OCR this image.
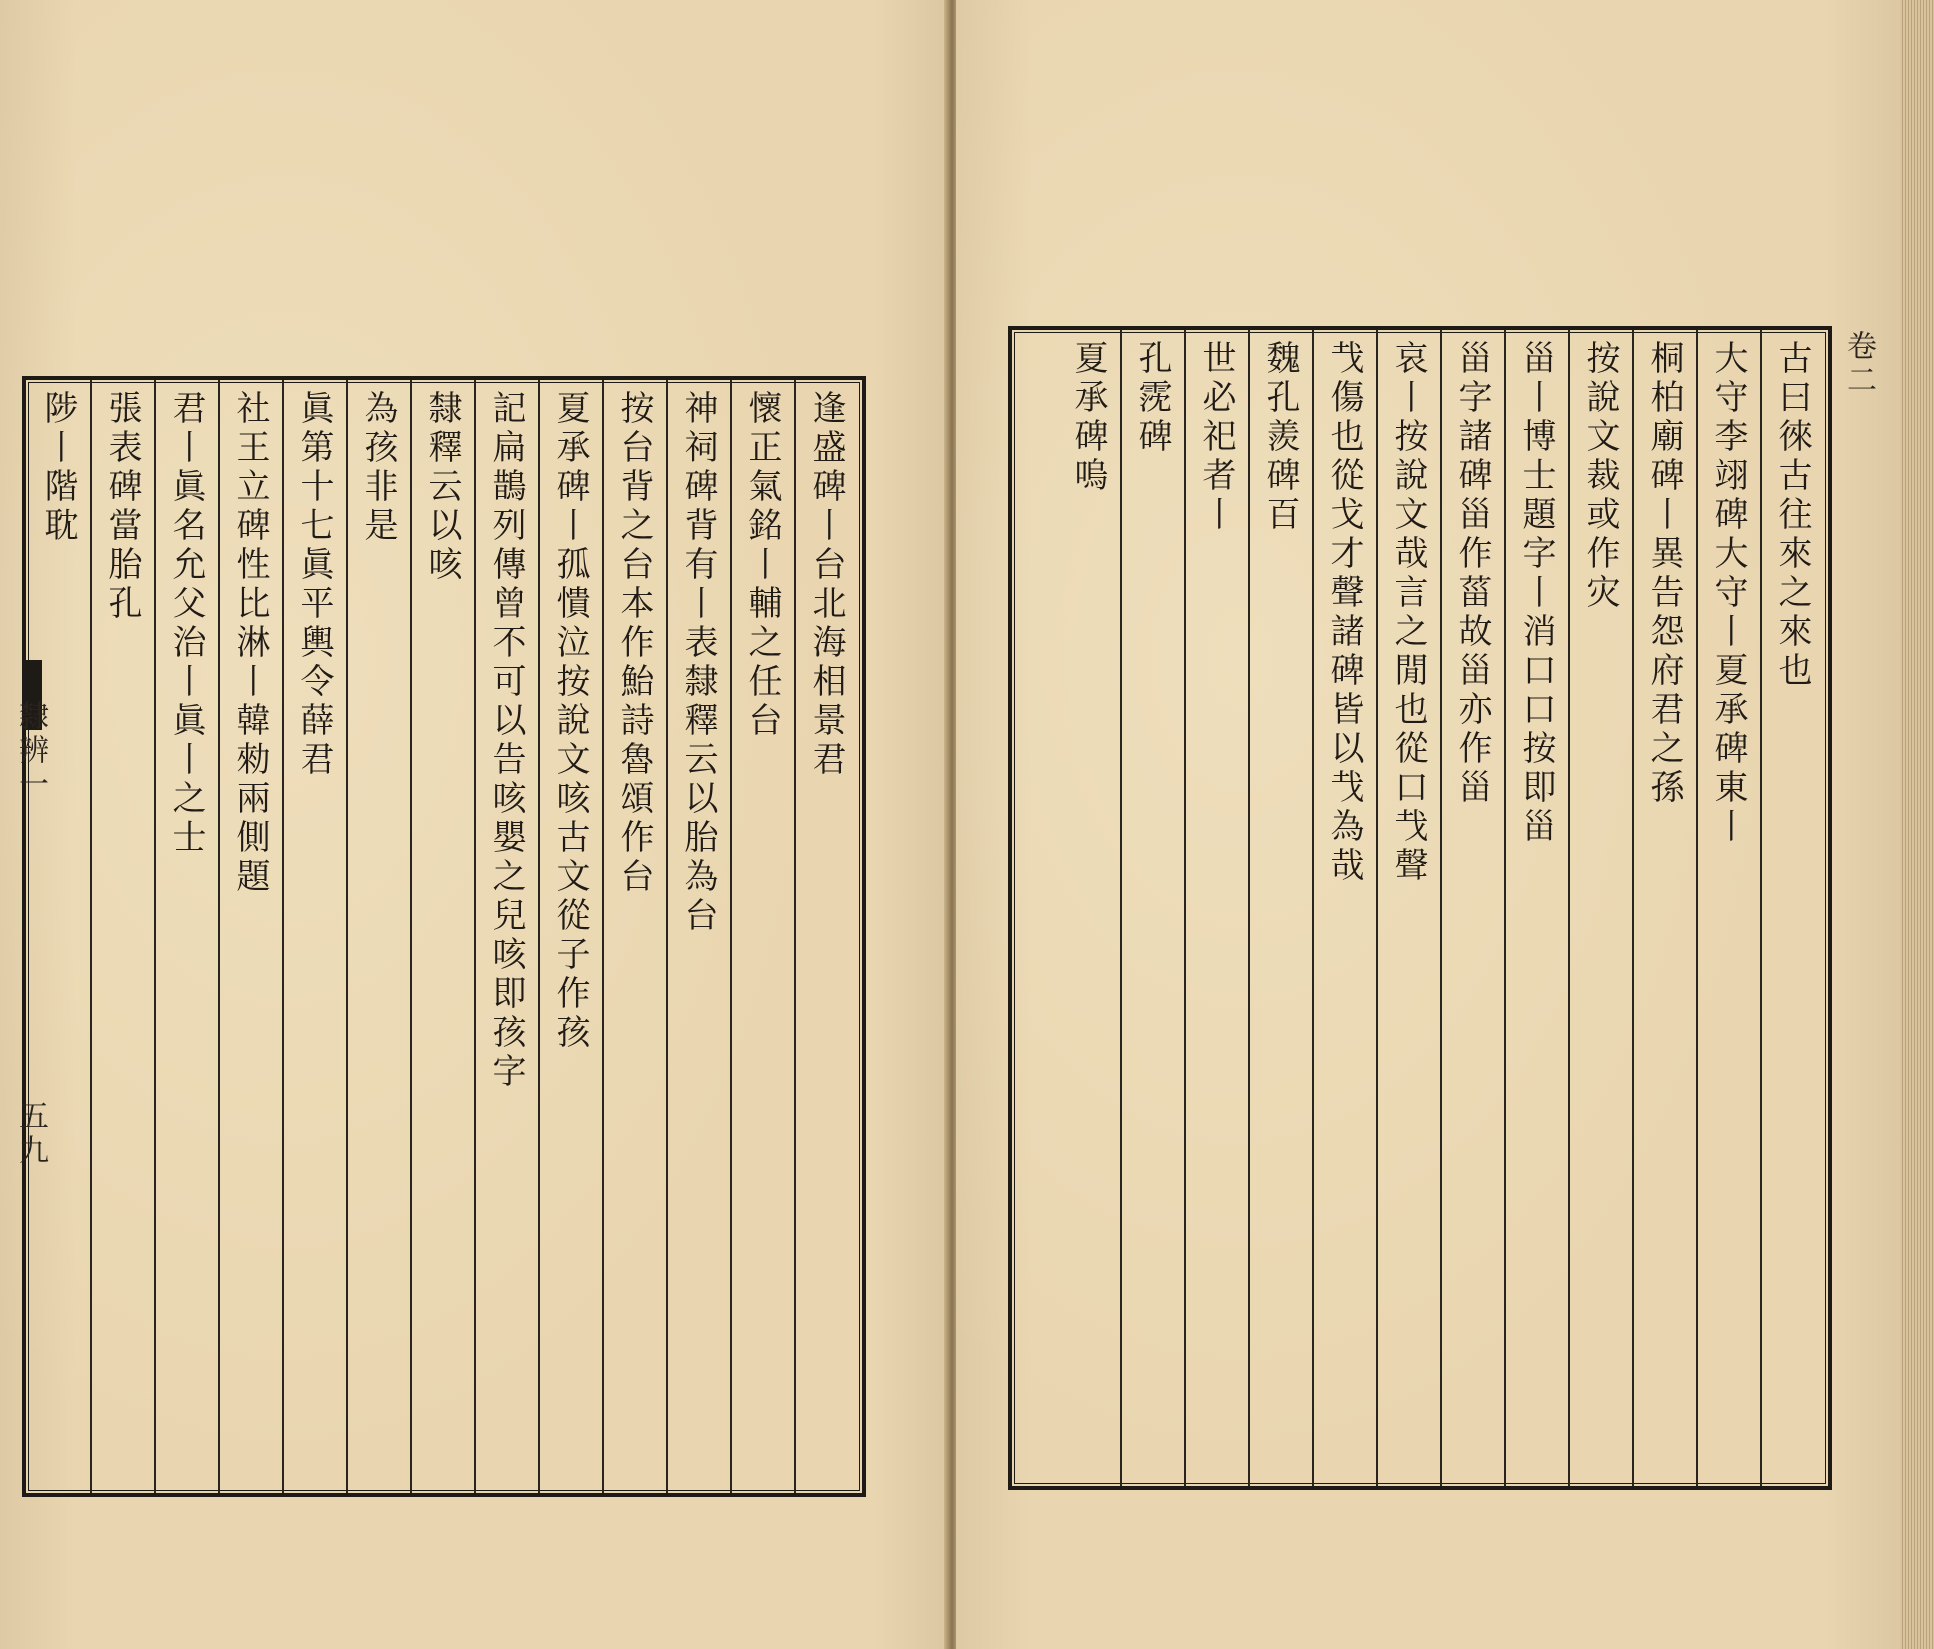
逢盛碑丨台北海相景君
懷正氣銘丨輔之任台
神祠碑背有丨表隸釋云以胎為台
按台背之台本作鮐詩魯頌作台
夏承碑丨孤憒泣按說文咳古文從子作孩
記扁鵲列傳曾不可以告咳嬰之兒咳即孩字
隸釋云以咳
為孩非是
眞第十七眞平輿令薛君
社王立碑性比淋丨韓勑兩側題
君丨眞名允父治丨眞丨之士
張表碑當胎孔
陟丨階耽
隸辨一
五九
古曰徠古往來之來也
大守李翊碑大守丨夏承碑東丨
桐柏廟碑丨異告怨府君之孫
按說文裁或作灾
甾丨博士題字丨消口口按即甾
甾字諸碑甾作菑故甾亦作甾
哀丨按說文哉言之閒也從口𢦏聲
𢦏傷也從戈才聲諸碑皆以𢦏為哉
魏孔羨碑百
世必祀者丨
孔霃碑
夏承碑嗚	卷二
